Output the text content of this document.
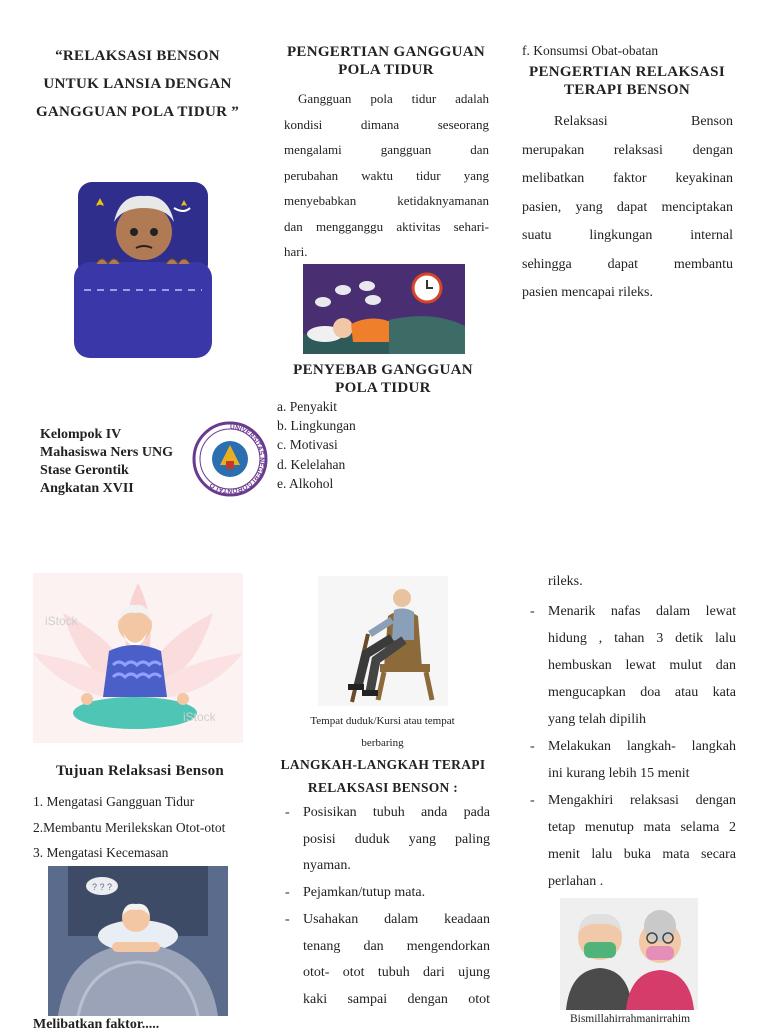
“RELAKSASI BENSON
UNTUK LANSIA DENGAN
GANGGUAN POLA TIDUR ”
Kelompok IV
Mahasiswa Ners UNG
Stase Gerontik
Angkatan XVII
UNIVERSITAS NEGERI GORONTALO
PENGERTIAN GANGGUAN
POLA TIDUR
Gangguan pola tidur adalah
kondisi dimana seseorang
mengalami gangguan dan
perubahan waktu tidur yang
menyebabkan ketidaknyamanan
dan mengganggu aktivitas sehari-
hari.
PENYEBAB GANGGUAN
POLA TIDUR
a. Penyakit
b. Lingkungan
c. Motivasi
d. Kelelahan
e. Alkohol
f. Konsumsi Obat-obatan
PENGERTIAN RELAKSASI
TERAPI BENSON
Relaksasi Benson
merupakan relaksasi dengan
melibatkan faktor keyakinan
pasien, yang dapat menciptakan
suatu lingkungan internal
sehingga dapat membantu
pasien mencapai rileks.
iStock
iStock
Tujuan Relaksasi Benson
1. Mengatasi Gangguan Tidur
2.Membantu Merilekskan Otot-otot
3. Mengatasi Kecemasan
? ? ?
Melibatkan faktor.....
Tempat duduk/Kursi atau tempat
berbaring
LANGKAH-LANGKAH TERAPI
RELAKSASI BENSON :
- Posisikan tubuh anda pada
posisi duduk yang paling
nyaman.
- Pejamkan/tutup mata.
- Usahakan dalam keadaan
tenang dan mengendorkan
otot- otot tubuh dari ujung
kaki sampai dengan otot
rileks.
- Menarik nafas dalam lewat
hidung , tahan 3 detik lalu
hembuskan lewat mulut dan
mengucapkan doa atau kata
yang telah dipilih
- Melakukan langkah- langkah
ini kurang lebih 15 menit
- Mengakhiri relaksasi dengan
tetap menutup mata selama 2
menit lalu buka mata secara
perlahan .
Bismillahirrahmanirrahim
